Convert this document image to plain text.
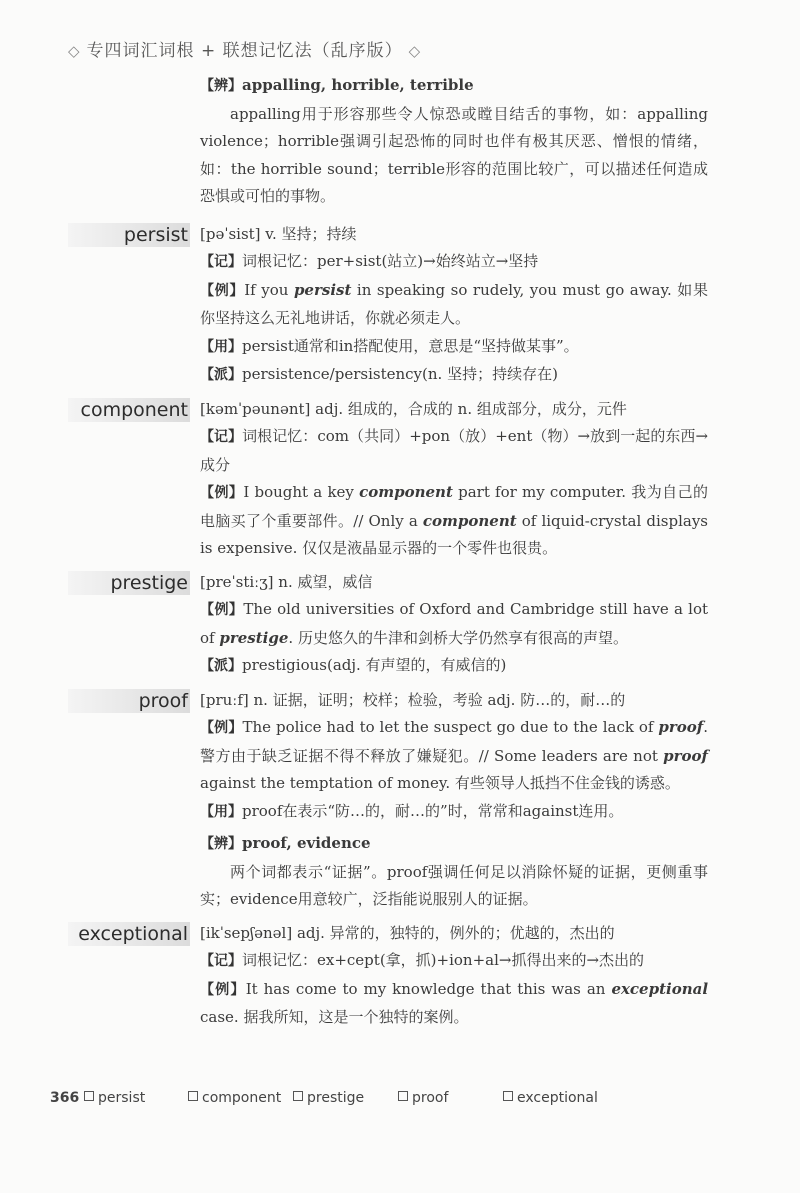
◇ 专四词汇词根 + 联想记忆法（乱序版） ◇
【 辨 】 appalling, horrible, terrible
appalling用于形容那些令人惊恐或瞠目结舌的事物，如：appalling violence；horrible强调引起恐怖的同时也伴有极其厌恶、憎恨的情绪，如：the horrible sound；terrible形容的范围比较广，可以描述任何造成恐惧或可怕的事物。
persist [pəˈsist] v. 坚持；持续
【 记 】 词根记忆：per+sist(站立)→始终站立→坚持
【 例 】 If you persist in speaking so rudely, you must go away. 如果你坚持这么无礼地讲话，你就必须走人。
【 用 】 persist通常和in搭配使用，意思是“坚持做某事”。
【 派 】 persistence/persistency(n. 坚持；持续存在)
component [kəmˈpəunənt] adj. 组成的，合成的 n. 组成部分，成分，元件
【 记 】 词根记忆：com（共同）+pon（放）+ent（物）→放到一起的东西→成分
【 例 】 I bought a key component part for my computer. 我为自己的电脑买了个重要部件。// Only a component of liquid-crystal displays is expensive. 仅仅是液晶显示器的一个零件也很贵。
prestige [preˈstiːʒ] n. 威望，威信
【 例 】 The old universities of Oxford and Cambridge still have a lot of prestige. 历史悠久的牛津和剑桥大学仍然享有很高的声望。
【 派 】 prestigious(adj. 有声望的，有威信的)
proof [pruːf] n. 证据，证明；校样；检验，考验 adj. 防…的，耐…的
【 例 】 The police had to let the suspect go due to the lack of proof. 警方由于缺乏证据不得不释放了嫌疑犯。// Some leaders are not proof against the temptation of money. 有些领导人抵挡不住金钱的诱惑。
【 用 】 proof在表示“防…的，耐…的”时，常常和against连用。
【 辨 】 proof, evidence
两个词都表示“证据”。proof强调任何足以消除怀疑的证据，更侧重事实；evidence用意较广，泛指能说服别人的证据。
exceptional [ikˈsepʃənəl] adj. 异常的，独特的，例外的；优越的，杰出的
【 记 】 词根记忆：ex+cept(拿，抓)+ion+al→抓得出来的→杰出的
【 例 】 It has come to my knowledge that this was an exceptional case. 据我所知，这是一个独特的案例。
366	persist	component	prestige	proof	exceptional
